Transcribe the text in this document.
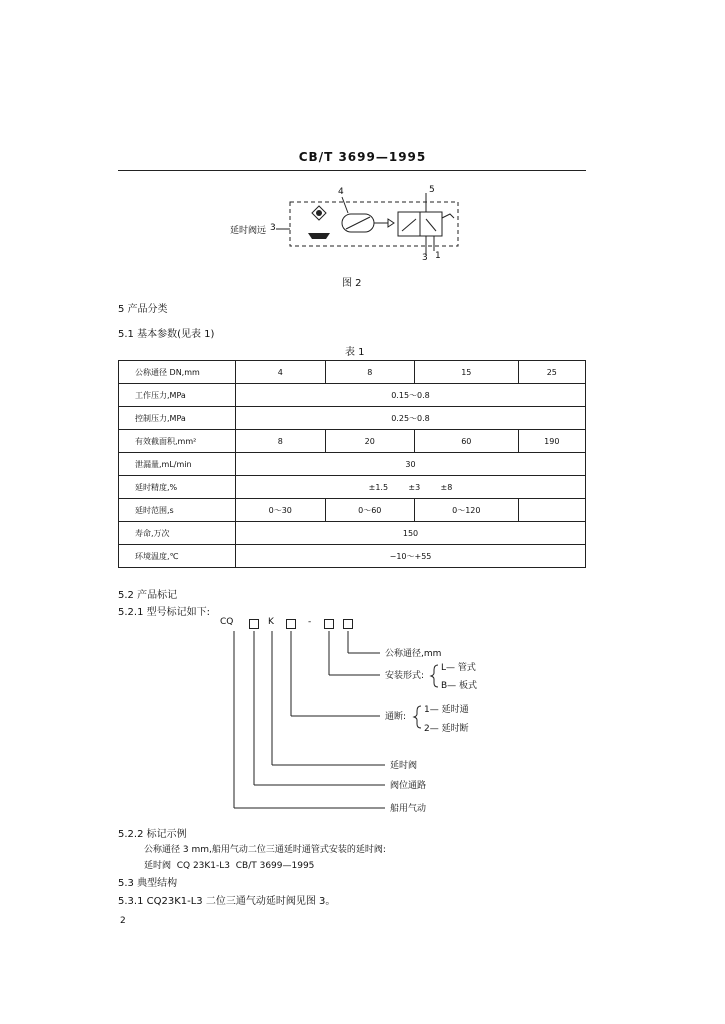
CB/T 3699—1995
延时阀远 3
4	5
3 1
图 2
5 产品分类
5.1 基本参数(见表 1)
表 1
公称通径 DN,mm	4	8	15	25
工作压力,MPa	0.15～0.8			
控制压力,MPa	0.25～0.8			
有效截面积,mm²	8	20	60	190
泄漏量,mL/min	30			
延时精度,%	±1.5        ±3        ±8			
延时范围,s	0～30	0～60	0～120	
寿命,万次	150			
环境温度,℃	−10～+55			
5.2 产品标记
5.2.1 型号标记如下:
CQ	K	-
公称通径,mm
安装形式:
L— 管式
B— 板式
通断:
1— 延时通
2— 延时断
延时阀
阀位通路
船用气动
5.2.2 标记示例
公称通径 3 mm,船用气动二位三通延时通管式安装的延时阀:
延时阀  CQ 23K1-L3  CB/T 3699—1995
5.3 典型结构
5.3.1 CQ23K1-L3 二位三通气动延时阀见图 3。
2
